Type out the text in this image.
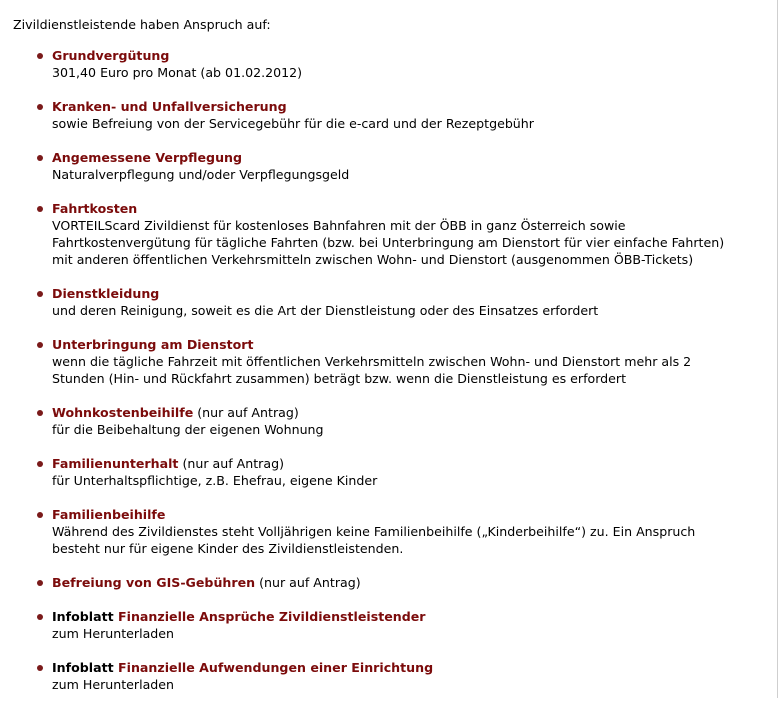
Zivildienstleistende haben Anspruch auf:
Grundvergütung
301,40 Euro pro Monat (ab 01.02.2012)
Kranken- und Unfallversicherung
sowie Befreiung von der Servicegebühr für die e-card und der Rezeptgebühr
Angemessene Verpflegung
Naturalverpflegung und/oder Verpflegungsgeld
Fahrtkosten
VORTEILScard Zivildienst für kostenloses Bahnfahren mit der ÖBB in ganz Österreich sowie
Fahrtkostenvergütung für tägliche Fahrten (bzw. bei Unterbringung am Dienstort für vier einfache Fahrten)
mit anderen öffentlichen Verkehrsmitteln zwischen Wohn- und Dienstort (ausgenommen ÖBB-Tickets)
Dienstkleidung
und deren Reinigung, soweit es die Art der Dienstleistung oder des Einsatzes erfordert
Unterbringung am Dienstort
wenn die tägliche Fahrzeit mit öffentlichen Verkehrsmitteln zwischen Wohn- und Dienstort mehr als 2
Stunden (Hin- und Rückfahrt zusammen) beträgt bzw. wenn die Dienstleistung es erfordert
Wohnkostenbeihilfe (nur auf Antrag)
für die Beibehaltung der eigenen Wohnung
Familienunterhalt (nur auf Antrag)
für Unterhaltspflichtige, z.B. Ehefrau, eigene Kinder
Familienbeihilfe
Während des Zivildienstes steht Volljährigen keine Familienbeihilfe („Kinderbeihilfe“) zu. Ein Anspruch
besteht nur für eigene Kinder des Zivildienstleistenden.
Befreiung von GIS-Gebühren (nur auf Antrag)
Infoblatt Finanzielle Ansprüche Zivildienstleistender
zum Herunterladen
Infoblatt Finanzielle Aufwendungen einer Einrichtung
zum Herunterladen
